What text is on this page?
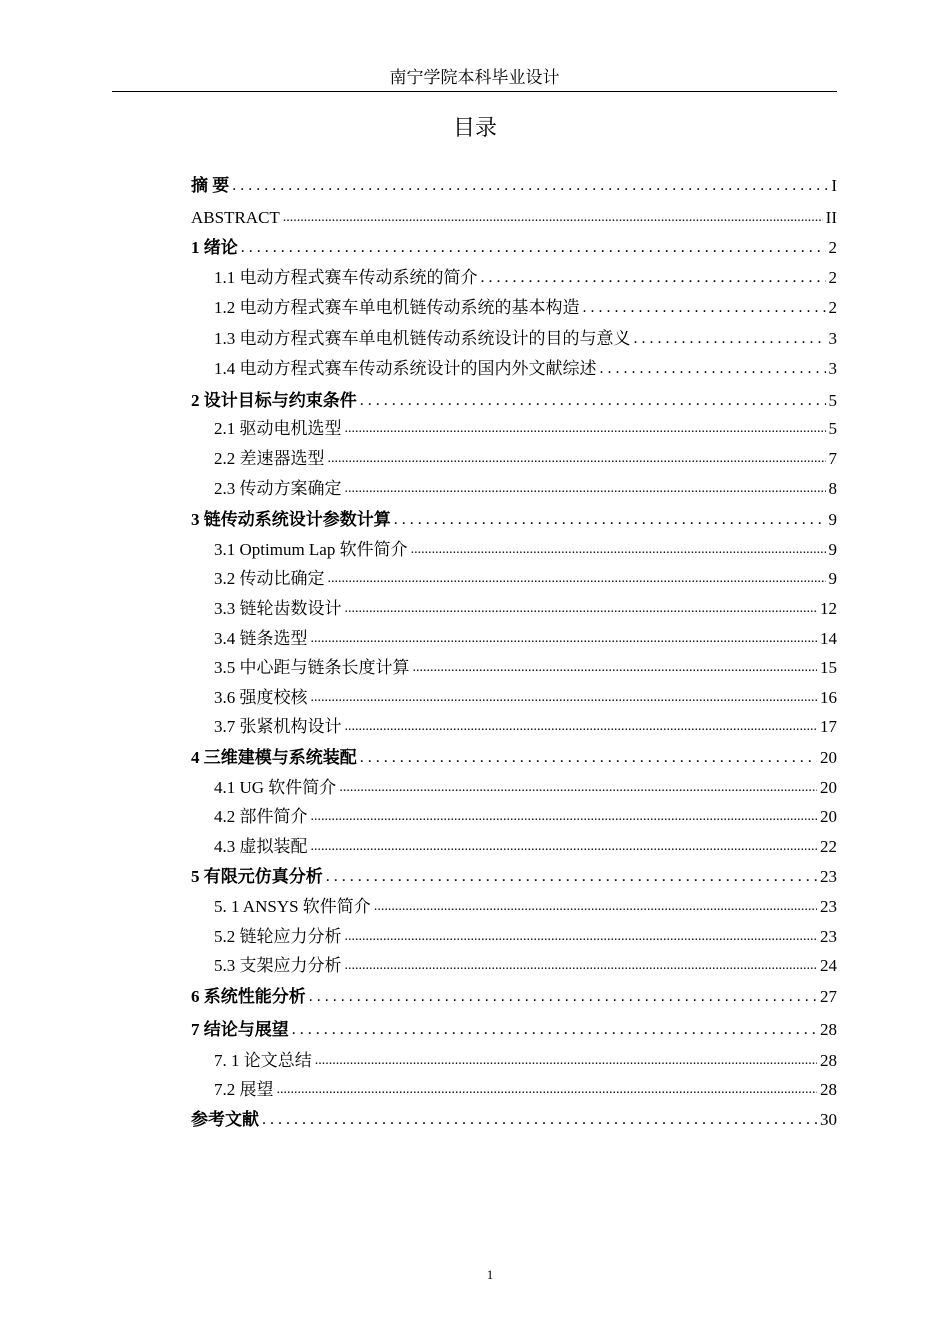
南宁学院本科毕业设计
目录
摘 要 . . .	I
ABSTRACT .....	II
1 绪论 . . .	2
1.1 电动方程式赛车传动系统的简介 . . .	2
1.2 电动方程式赛车单电机链传动系统的基本构造 . . .	2
1.3 电动方程式赛车单电机链传动系统设计的目的与意义 . . .	3
1.4 电动方程式赛车传动系统设计的国内外文献综述 . . .	3
2 设计目标与约束条件 . . .	5
2.1 驱动电机选型 .....	5
2.2 差速器选型 .....	7
2.3 传动方案确定 .....	8
3 链传动系统设计参数计算 . . .	9
3.1 Optimum Lap 软件简介 .....	9
3.2 传动比确定 .....	9
3.3 链轮齿数设计 .....	12
3.4 链条选型 .....	14
3.5 中心距与链条长度计算 .....	15
3.6 强度校核 .....	16
3.7 张紧机构设计 .....	17
4 三维建模与系统装配 . . .	20
4.1 UG 软件简介 .....	20
4.2 部件简介 .....	20
4.3 虚拟装配 .....	22
5 有限元仿真分析 . . .	23
5. 1 ANSYS 软件简介 .....	23
5.2 链轮应力分析 .....	23
5.3 支架应力分析 .....	24
6 系统性能分析 . . .	27
7 结论与展望 . . .	28
7. 1 论文总结 .....	28
7.2 展望 .....	28
参考文献 . . .	30
1
